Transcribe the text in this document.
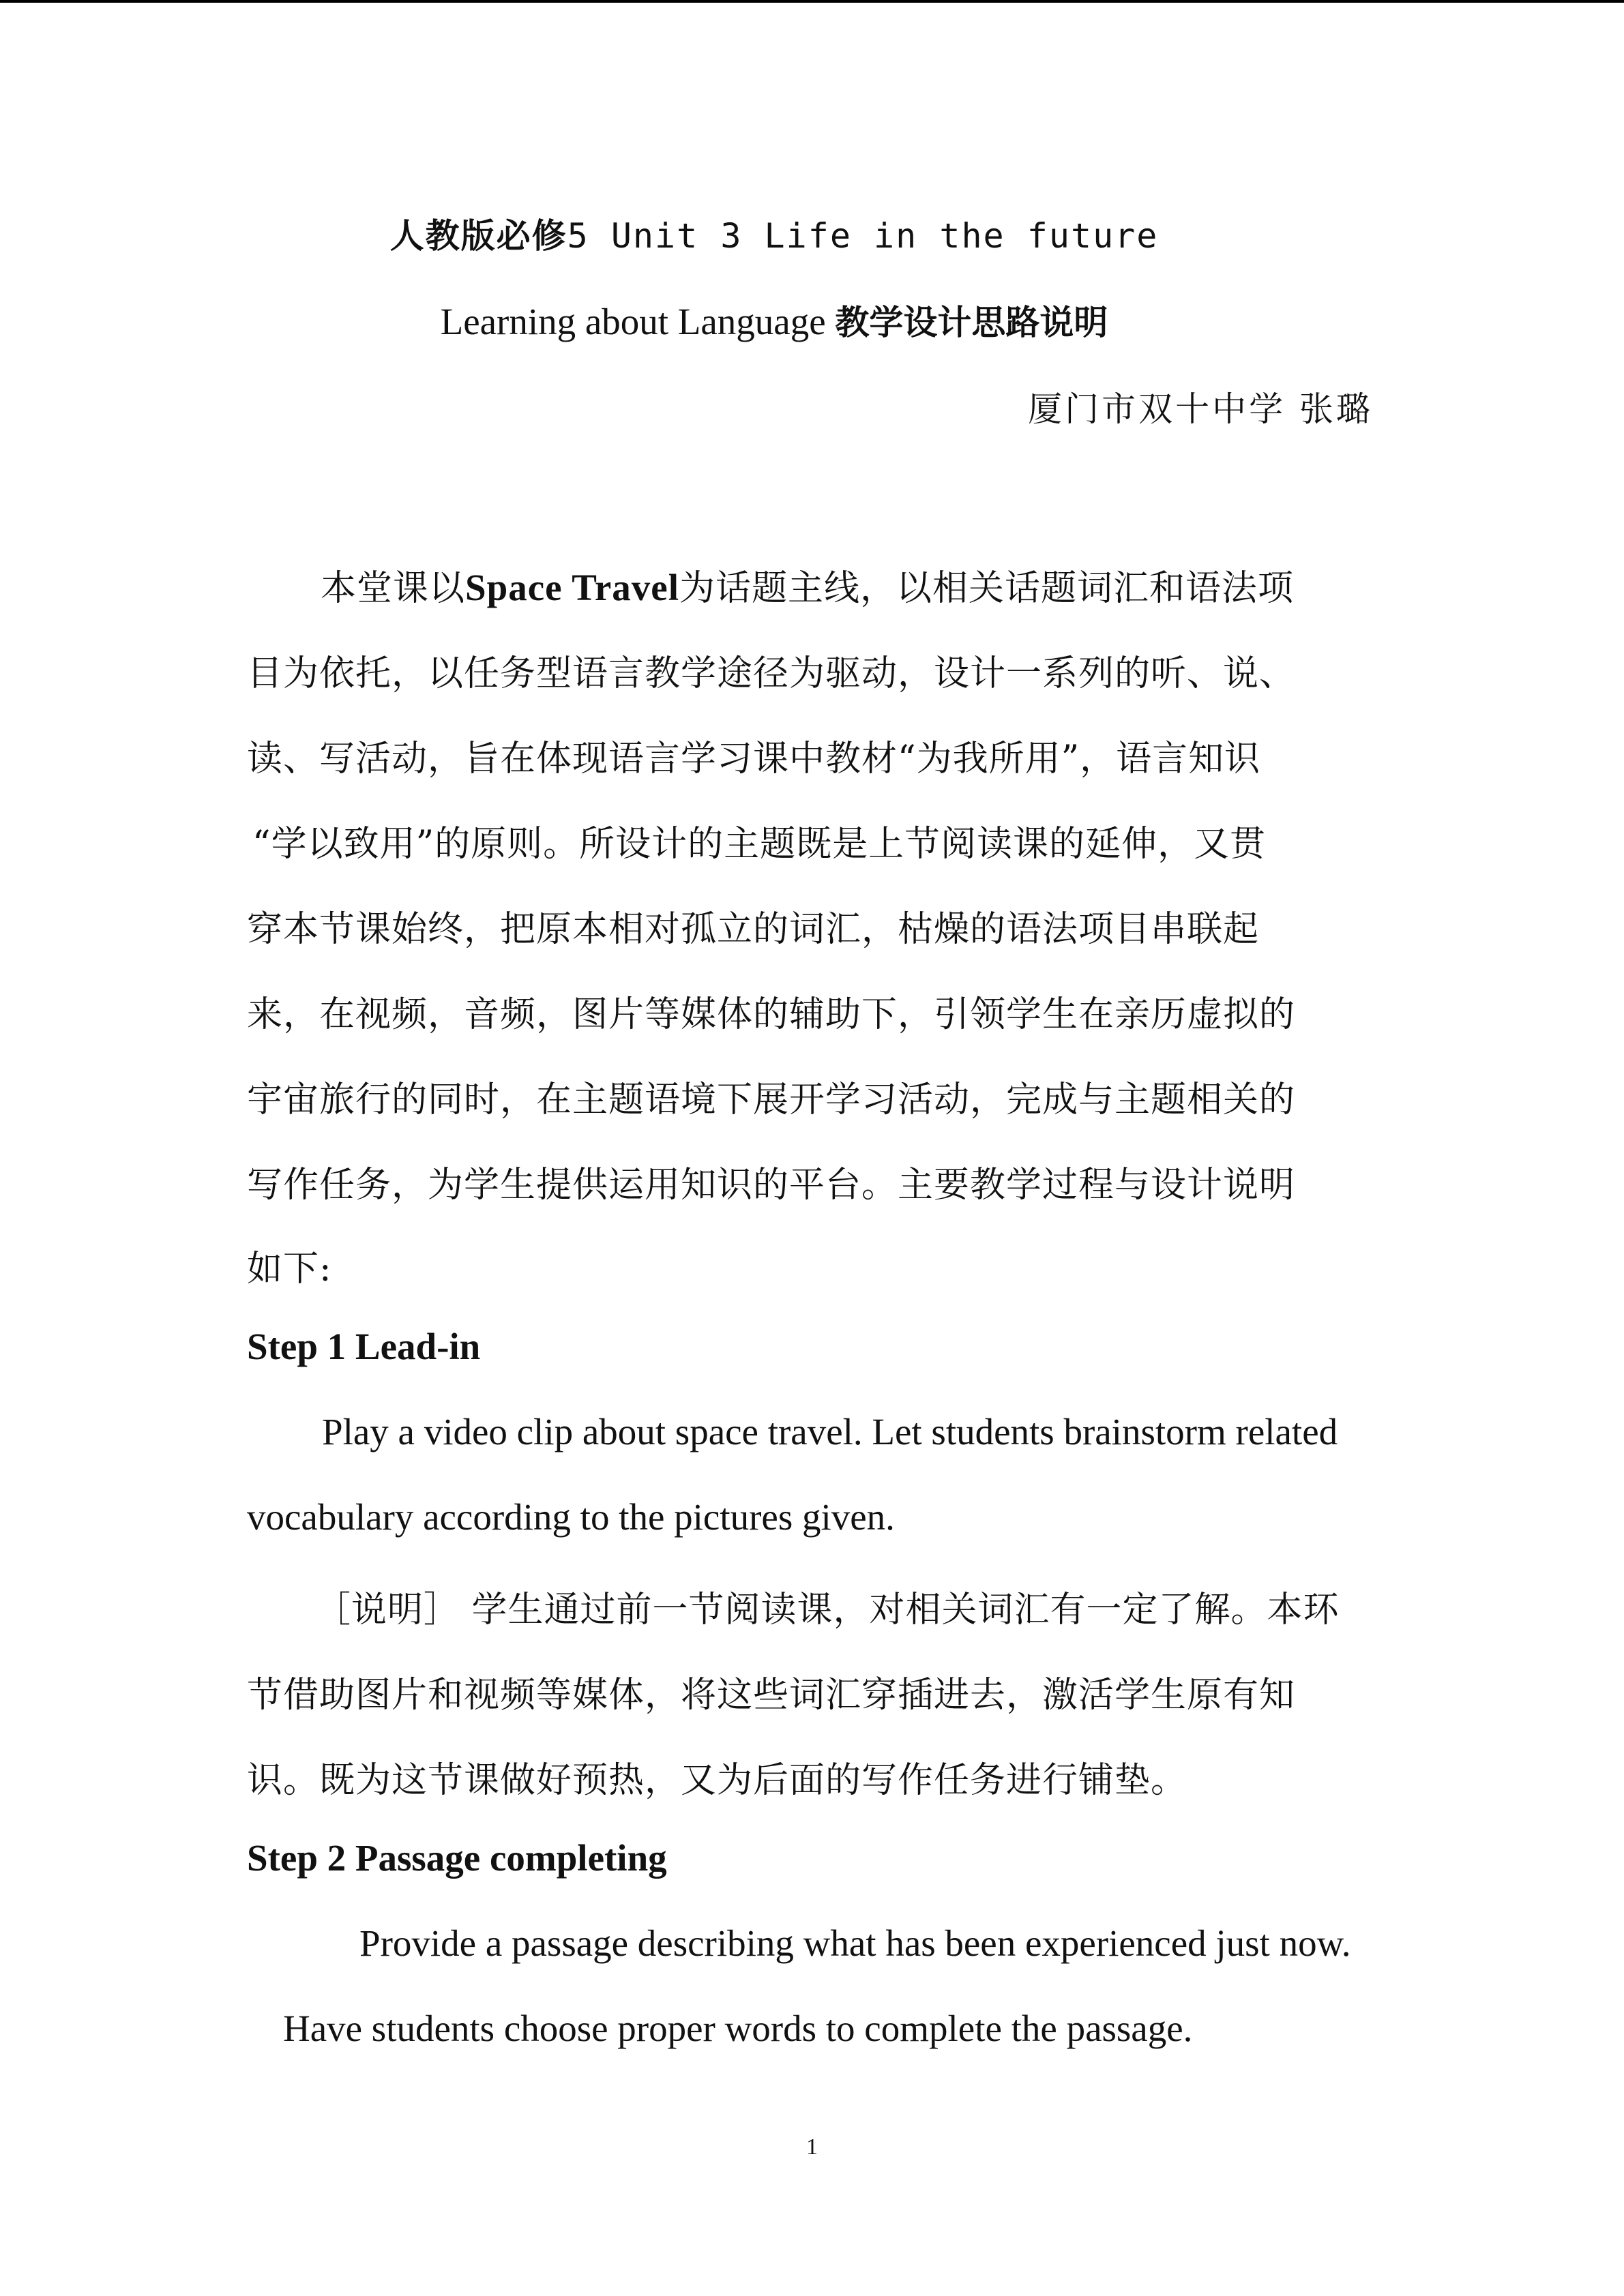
人教版必修5 Unit 3 Life in the future
Learning about Language 教学设计思路说明
厦门市双十中学 张璐
本堂课以Space Travel为话题主线，以相关话题词汇和语法项
目为依托，以任务型语言教学途径为驱动，设计一系列的听、说、
读、写活动，旨在体现语言学习课中教材“为我所用”，语言知识
“学以致用”的原则。所设计的主题既是上节阅读课的延伸，又贯
穿本节课始终，把原本相对孤立的词汇，枯燥的语法项目串联起
来，在视频，音频，图片等媒体的辅助下，引领学生在亲历虚拟的
宇宙旅行的同时，在主题语境下展开学习活动，完成与主题相关的
写作任务，为学生提供运用知识的平台。主要教学过程与设计说明
如下:
Step 1 Lead-in
Play a video clip about space travel. Let students brainstorm related
vocabulary according to the pictures given.
［说明］ 学生通过前一节阅读课，对相关词汇有一定了解。本环
节借助图片和视频等媒体，将这些词汇穿插进去，激活学生原有知
识。既为这节课做好预热，又为后面的写作任务进行铺垫。
Step 2 Passage completing
Provide a passage describing what has been experienced just now.
Have students choose proper words to complete the passage.
1
